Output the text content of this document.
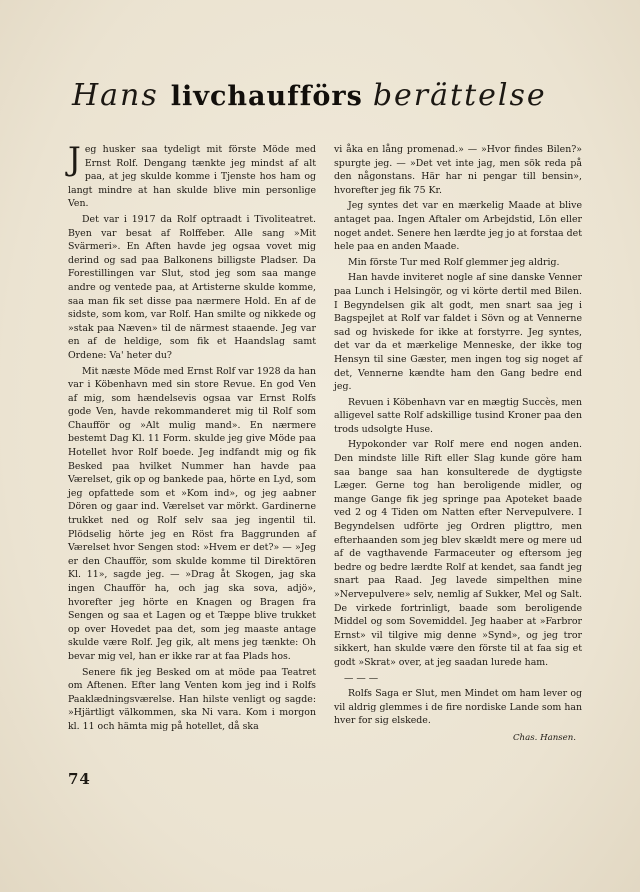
Hans livchaufförs berättelse

Jeg husker saa tydeligt mit förste Möde med Ernst Rolf. Dengang tænkte jeg mindst af alt paa, at jeg skulde komme i Tjenste hos ham og langt mindre at han skulde blive min personlige Ven.

Det var i 1917 da Rolf optraadt i Tivoliteatret. Byen var besat af Rolffeber. Alle sang »Mit Svärmeri». En Aften havde jeg ogsaa vovet mig derind og sad paa Balkonens billigste Pladser. Da Forestillingen var Slut, stod jeg som saa mange andre og ventede paa, at Artisterne skulde komme, saa man fik set disse paa nærmere Hold. En af de sidste, som kom, var Rolf. Han smilte og nikkede og »stak paa Næven» til de närmest staaende. Jeg var en af de heldige, som fik et Haandslag samt Ordene: Va' heter du?

Mit næste Möde med Ernst Rolf var 1928 da han var i Köbenhavn med sin store Revue. En god Ven af mig, som hændelsevis ogsaa var Ernst Rolfs gode Ven, havde rekommanderet mig til Rolf som Chaufför og »Alt mulig mand». En nærmere bestemt Dag Kl. 11 Form. skulde jeg give Möde paa Hotellet hvor Rolf boede. Jeg indfandt mig og fik Besked paa hvilket Nummer han havde paa Værelset, gik op og bankede paa, hörte en Lyd, som jeg opfattede som et »Kom ind», og jeg aabner Dören og gaar ind. Værelset var mörkt. Gardinerne trukket ned og Rolf selv saa jeg ingentil til. Plödselig hörte jeg en Röst fra Baggrunden af Værelset hvor Sengen stod: »Hvem er det?» — »Jeg er den Chaufför, som skulde komme til Direktören Kl. 11», sagde jeg. — »Drag åt Skogen, jag ska ingen Chaufför ha, och jag ska sova, adjö», hvorefter jeg hörte en Knagen og Bragen fra Sengen og saa et Lagen og et Tæppe blive trukket op over Hovedet paa det, som jeg maaste antage skulde være Rolf. Jeg gik, alt mens jeg tænkte: Oh bevar mig vel, han er ikke rar at faa Plads hos.

Senere fik jeg Besked om at möde paa Teatret om Aftenen. Efter lang Venten kom jeg ind i Rolfs Paaklædningsværelse. Han hilste venligt og sagde: »Hjärtligt välkommen, ska Ni vara. Kom i morgon kl. 11 och hämta mig på hotellet, då ska

vi åka en lång promenad.» — »Hvor findes Bilen?» spurgte jeg. — »Det vet inte jag, men sök reda på den någonstans. Här har ni pengar till bensin», hvorefter jeg fik 75 Kr.

Jeg syntes det var en mærkelig Maade at blive antaget paa. Ingen Aftaler om Arbejdstid, Lön eller noget andet. Senere hen lærdte jeg jo at forstaa det hele paa en anden Maade.

Min förste Tur med Rolf glemmer jeg aldrig.

Han havde inviteret nogle af sine danske Venner paa Lunch i Helsingör, og vi körte dertil med Bilen. I Begyndelsen gik alt godt, men snart saa jeg i Bagspejlet at Rolf var faldet i Sövn og at Vennerne sad og hviskede for ikke at forstyrre. Jeg syntes, det var da et mærkelige Menneske, der ikke tog Hensyn til sine Gæster, men ingen tog sig noget af det, Vennerne kændte ham den Gang bedre end jeg.

Revuen i Köbenhavn var en mægtig Succès, men alligevel satte Rolf adskillige tusind Kroner paa den trods udsolgte Huse.

Hypokonder var Rolf mere end nogen anden. Den mindste lille Rift eller Slag kunde göre ham saa bange saa han konsulterede de dygtigste Læger. Gerne tog han beroligende midler, og mange Gange fik jeg springe paa Apoteket baade ved 2 og 4 Tiden om Natten efter Nervepulvere. I Begyndelsen udförte jeg Ordren pligttro, men efterhaanden som jeg blev skældt mere og mere ud af de vagthavende Farmaceuter og eftersom jeg bedre og bedre lærdte Rolf at kendet, saa fandt jeg snart paa Raad. Jeg lavede simpelthen mine »Nervepulvere» selv, nemlig af Sukker, Mel og Salt. De virkede fortrinligt, baade som beroligende Middel og som Sovemiddel. Jeg haaber at »Farbror Ernst» vil tilgive mig denne »Synd», og jeg tror sikkert, han skulde være den förste til at faa sig et godt »Skrat» over, at jeg saadan lurede ham.

— — —

Rolfs Saga er Slut, men Mindet om ham lever og vil aldrig glemmes i de fire nordiske Lande som han hver for sig elskede.

Chas. Hansen.
74
